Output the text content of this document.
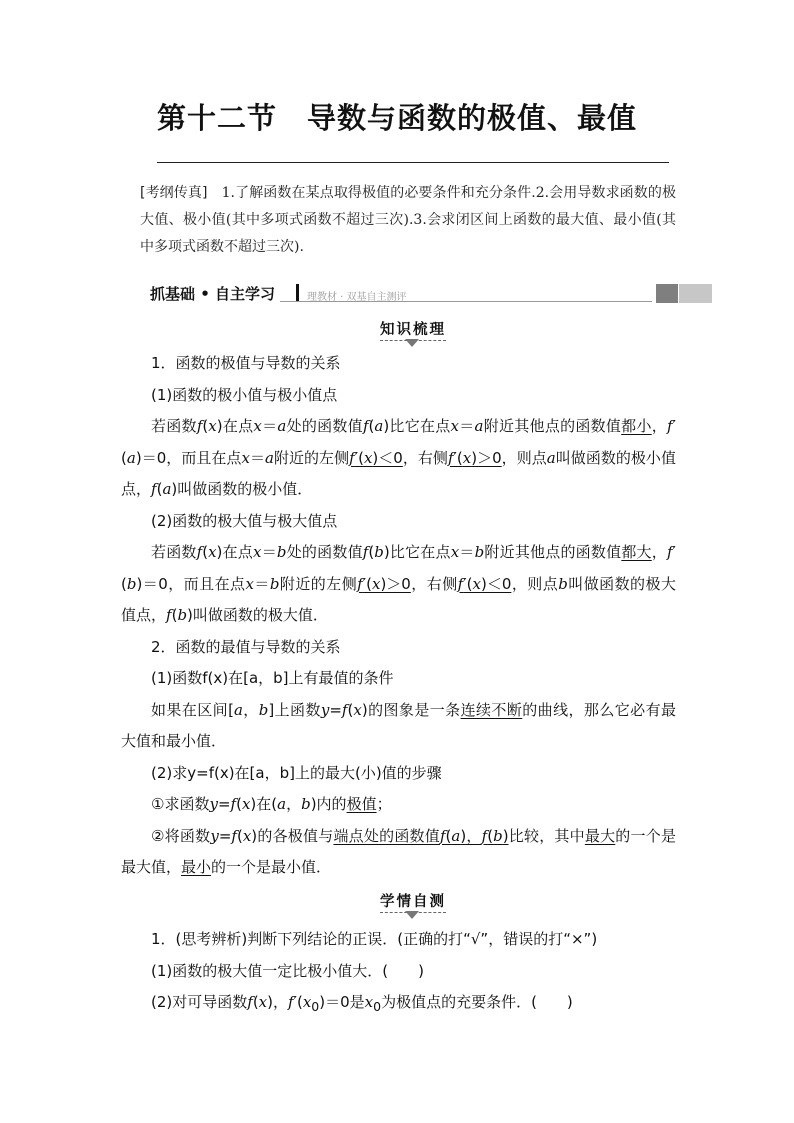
第十二节 导数与函数的极值、最值
[考纲传真]　1.了解函数在某点取得极值的必要条件和充分条件.2.会用导数求函数的极大值、极小值(其中多项式函数不超过三次).3.会求闭区间上函数的最大值、最小值(其中多项式函数不超过三次).
抓基础 • 自主学习	理教材 · 双基自主测评
知识梳理

1．函数的极值与导数的关系

(1)函数的极小值与极小值点

若函数f(x)在点x＝a处的函数值f(a)比它在点x＝a附近其他点的函数值都小，f′(a)＝0，而且在点x＝a附近的左侧f′(x)＜0，右侧f′(x)＞0，则点a叫做函数的极小值点，f(a)叫做函数的极小值．

(2)函数的极大值与极大值点

若函数f(x)在点x＝b处的函数值f(b)比它在点x＝b附近其他点的函数值都大，f′(b)＝0，而且在点x＝b附近的左侧f′(x)＞0，右侧f′(x)＜0，则点b叫做函数的极大值点，f(b)叫做函数的极大值．

2．函数的最值与导数的关系

(1)函数f(x)在[a，b]上有最值的条件

如果在区间[a，b]上函数y=f(x)的图象是一条连续不断的曲线，那么它必有最大值和最小值．

(2)求y=f(x)在[a，b]上的最大(小)值的步骤

①求函数y=f(x)在(a，b)内的极值；

②将函数y=f(x)的各极值与端点处的函数值f(a)，f(b)比较，其中最大的一个是最大值，最小的一个是最小值．

学情自测

1．(思考辨析)判断下列结论的正误．(正确的打“√”，错误的打“×”)

(1)函数的极大值一定比极小值大．(　　)

(2)对可导函数f(x)，$f'(x_0)=0$是$x_0$为极值点的充要条件．(　　)
